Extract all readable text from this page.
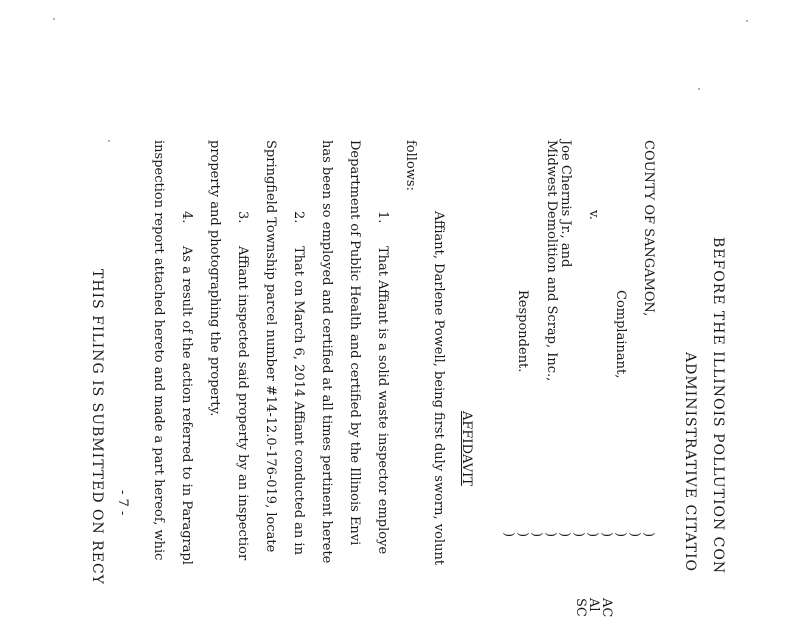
BEFORE THE ILLINOIS POLLUTION CON
ADMINISTRATIVE CITATIO
COUNTY OF SANGAMON,
Complainant,
v.
Joe Chernis Jr., and
Midwest Demolition and Scrap, Inc.,
Respondent.
)
)
)
)
)
)
)
)
)
)
)
AC
Al
SC
AFFIDAVIT
Affiant, Darlene Powell, being first duly sworn, volunt
follows:
1.
That Affiant is a solid waste inspector employe
Department of Public Health and certified by the Illinois Envi
has been so employed and certified at all times pertinent herete
2.
That on March 6, 2014 Affiant conducted an in
Springfield Township parcel number #14-12.0-176-019, locate
3.
Affiant inspected said property by an inspectior
property and photographing the property.
4.
As a result of the action referred to in Paragrapl
inspection report attached hereto and made a part hereof, whic
- 7 -
THIS FILING IS SUBMITTED ON RECY
